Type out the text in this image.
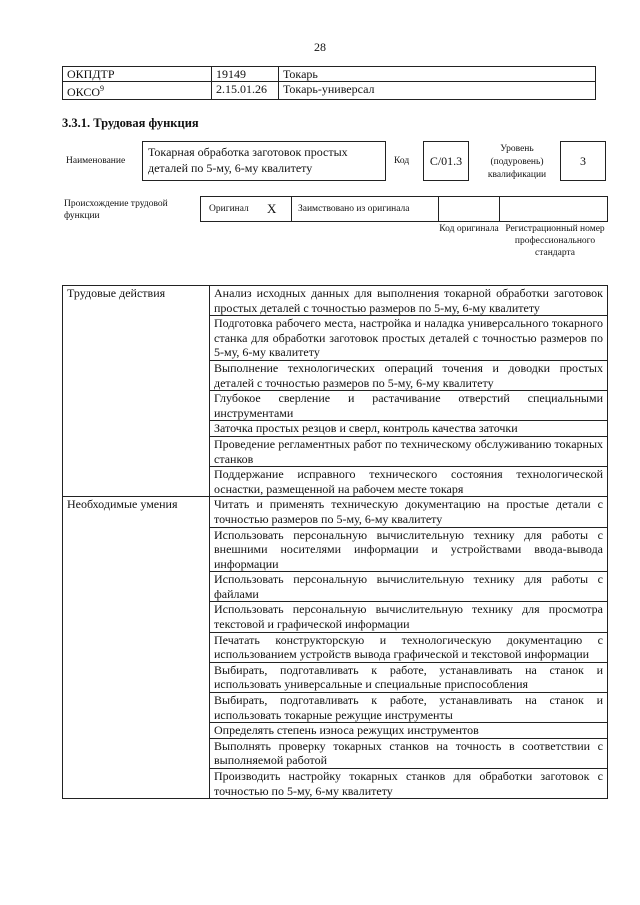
28
ОКПДТР	19149	Токарь
ОКСО$^9$	2.15.01.26	Токарь-универсал
3.3.1. Трудовая функция
Наименование
Токарная обработка заготовок простых деталей по 5-му, 6-му квалитету	Код	C/01.3
Уровень (подуровень) квалификации
3
Происхождение трудовой функции
Оригинал X Заимствовано из оригинала
Код оригинала Регистрационный номер профессионального стандарта
Трудовые действия	Анализ исходных данных для выполнения токарной обработки заготовок простых деталей с точностью размеров по 5-му, 6-му квалитету
	Подготовка рабочего места, настройка и наладка универсального токарного станка для обработки заготовок простых деталей с точностью размеров по 5-му, 6-му квалитету
	Выполнение технологических операций точения и доводки простых деталей с точностью размеров по 5-му, 6-му квалитету
	Глубокое сверление и растачивание отверстий специальными инструментами
	Заточка простых резцов и сверл, контроль качества заточки
	Проведение регламентных работ по техническому обслуживанию токарных станков
	Поддержание исправного технического состояния технологической оснастки, размещенной на рабочем месте токаря
Необходимые умения	Читать и применять техническую документацию на простые детали с точностью размеров по 5-му, 6-му квалитету
	Использовать персональную вычислительную технику для работы с внешними носителями информации и устройствами ввода-вывода информации
	Использовать персональную вычислительную технику для работы с файлами
	Использовать персональную вычислительную технику для просмотра текстовой и графической информации
	Печатать конструкторскую и технологическую документацию с использованием устройств вывода графической и текстовой информации
	Выбирать, подготавливать к работе, устанавливать на станок и использовать универсальные и специальные приспособления
	Выбирать, подготавливать к работе, устанавливать на станок и использовать токарные режущие инструменты
	Определять степень износа режущих инструментов
	Выполнять проверку токарных станков на точность в соответствии с выполняемой работой
	Производить настройку токарных станков для обработки заготовок с точностью по 5-му, 6-му квалитету
